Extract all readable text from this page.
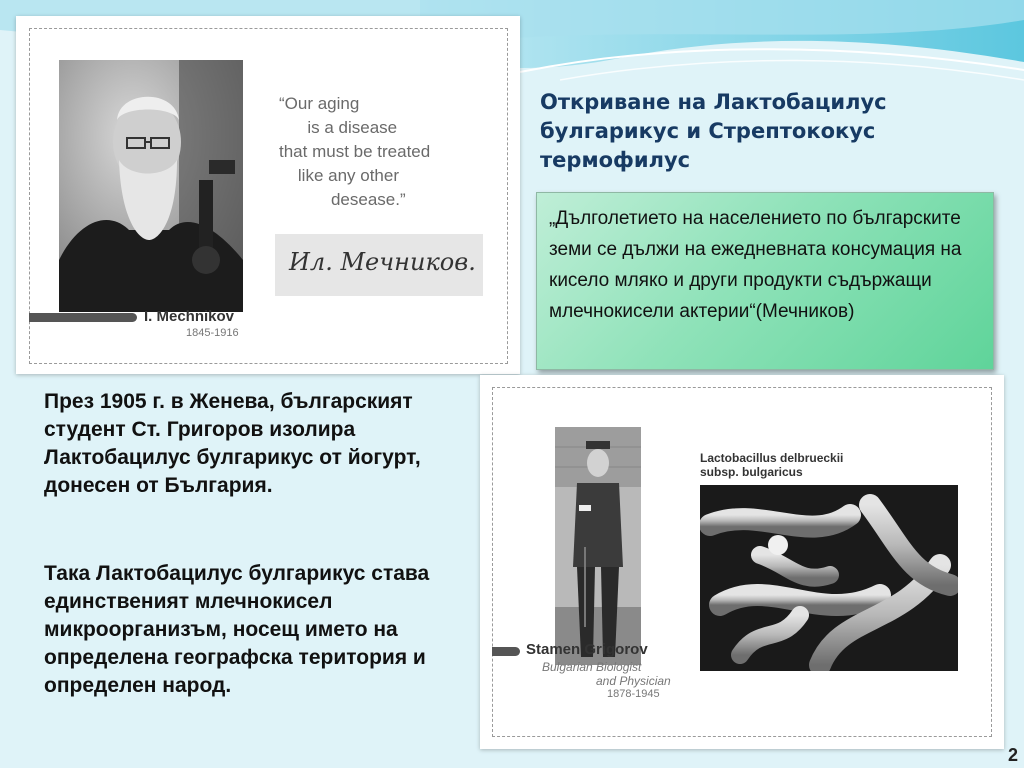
“Our aging
is a disease
that must be treated
like any other
desease.”

Ил. Мечников.

I. Mechnikov

1845-1916

Откриване на Лактобацилус булгарикус и Стрептококус термофилус

„Дълголетието на населението по българските земи се дължи на ежедневната консумация на кисело мляко и други продукти съдържащи млечнокисели актерии“(Мечников)

През 1905 г. в Женева, българският студент Ст. Григоров изолира Лактобацилус булгарикус от йогурт, донесен от България.

Така Лактобацилус булгарикус става единственият млечнокисел микроорганизъм, носещ името на определена географска територия и определен народ.

Lactobacillus delbrueckii

subsp. bulgaricus

Stamen Grigorov

Bulgarian Biologist

and Physician

1878-1945

2
